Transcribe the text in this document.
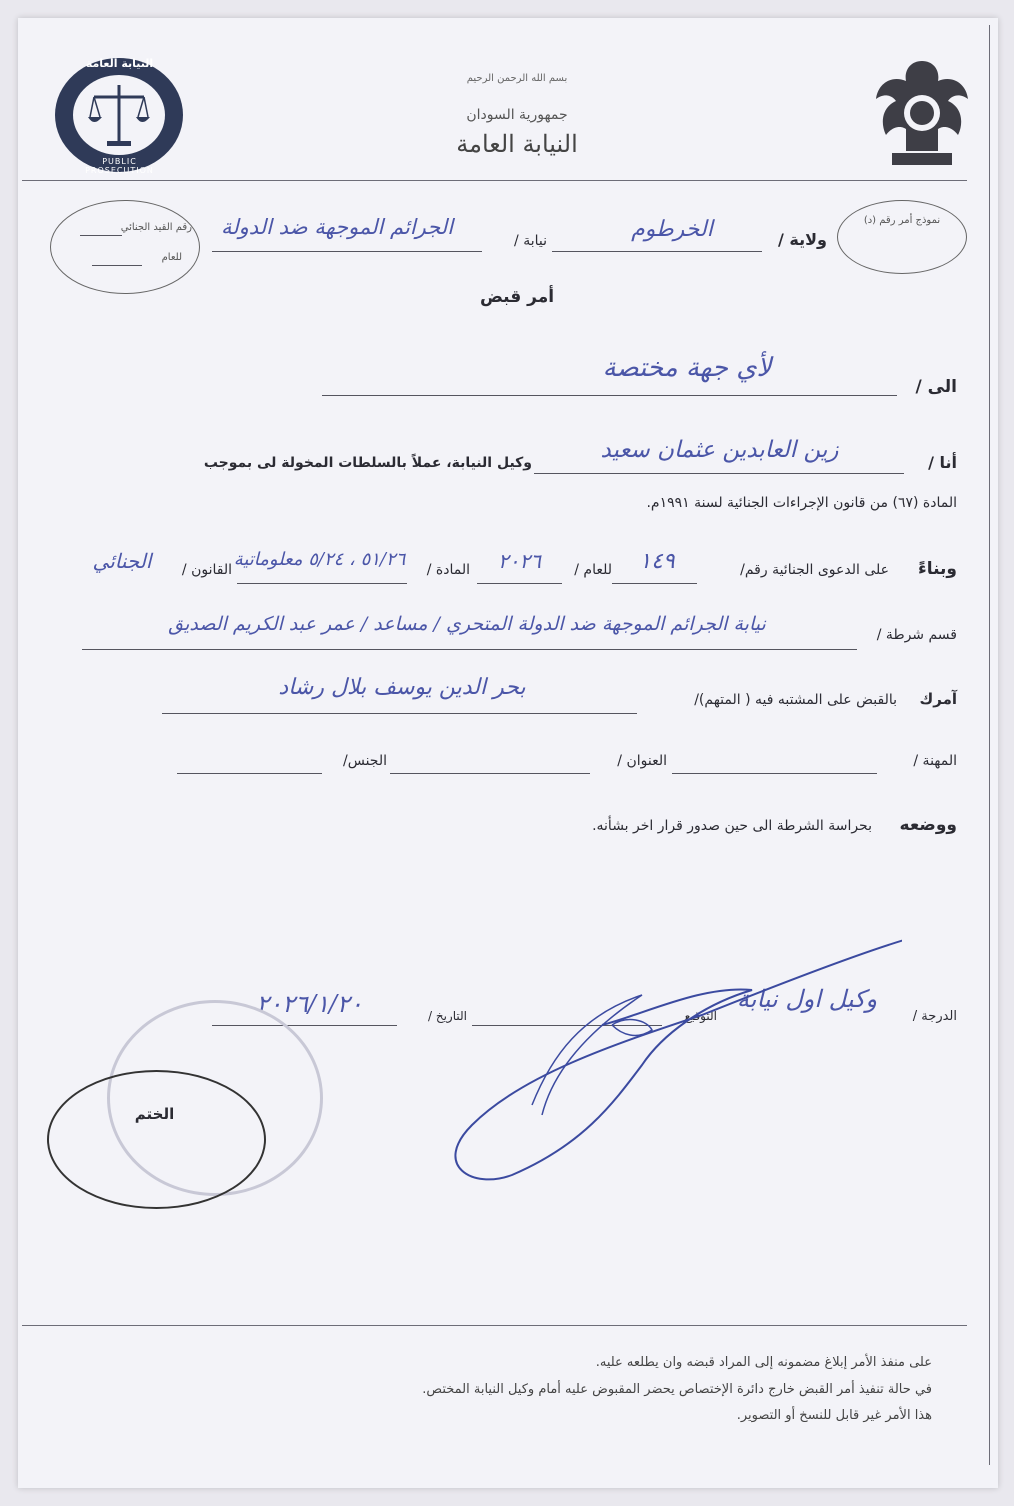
النيابة العامة
PUBLIC PROSECUTION
بسم الله الرحمن الرحيم
جمهورية السودان
النيابة العامة
رقم القيد الجنائي
للعام
نموذج أمر رقم (د)
ولاية /
الخرطوم
نيابة /
الجرائم الموجهة ضد الدولة
أمر قبض
الى /
لأي جهة مختصة
أنا /
زين العابدين عثمان سعيد
وكيل النيابة، عملاً بالسلطات المخولة لى بموجب
المادة (٦٧) من قانون الإجراءات الجنائية لسنة ١٩٩١م.
وبناءً
على الدعوى الجنائية رقم/
١٤٩
للعام /
٢٠٢٦
المادة /
٥١/٢٦ ، ٥/٢٤ معلوماتية
القانون /
الجنائي
قسم شرطة /
نيابة الجرائم الموجهة ضد الدولة المتحري / مساعد / عمر عبد الكريم الصديق
آمرك
بالقبض على المشتبه فيه ( المتهم)/
بحر الدين يوسف بلال رشاد
المهنة /
العنوان /
الجنس/
ووضعه
بحراسة الشرطة الى حين صدور قرار اخر بشأنه.
الدرجة /
وكيل اول نيابة
التوقيع
التاريخ /
٢٠٢٦/١/٢٠
الختم
على منفذ الأمر إبلاغ مضمونه إلى المراد قبضه وان يطلعه عليه.
في حالة تنفيذ أمر القبض خارج دائرة الإختصاص يحضر المقبوض عليه أمام وكيل النيابة المختص.
هذا الأمر غير قابل للنسخ أو التصوير.
